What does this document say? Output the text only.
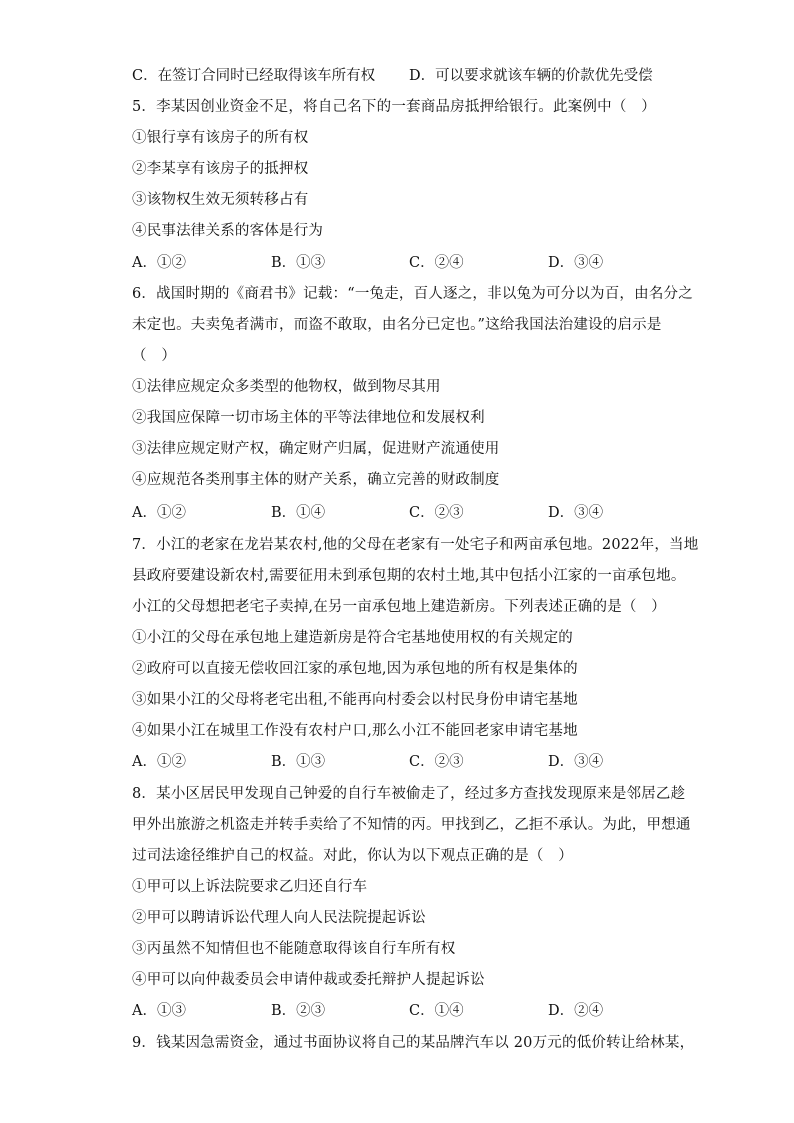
C．在签订合同时已经取得该车所有权 D．可以要求就该车辆的价款优先受偿
5．李某因创业资金不足，将自己名下的一套商品房抵押给银行。此案例中（　）
①银行享有该房子的所有权
②李某享有该房子的抵押权
③该物权生效无须转移占有
④民事法律关系的客体是行为
A．①②	B．①③	C．②④	D．③④
6．战国时期的《商君书》记载：“一兔走，百人逐之，非以兔为可分以为百，由名分之
未定也。夫卖兔者满市，而盗不敢取，由名分已定也。”这给我国法治建设的启示是
（　）
①法律应规定众多类型的他物权，做到物尽其用
②我国应保障一切市场主体的平等法律地位和发展权利
③法律应规定财产权，确定财产归属，促进财产流通使用
④应规范各类刑事主体的财产关系，确立完善的财政制度
A．①②	B．①④	C．②③	D．③④
7．小江的老家在龙岩某农村,他的父母在老家有一处宅子和两亩承包地。2022年，当地
县政府要建设新农村,需要征用未到承包期的农村土地,其中包括小江家的一亩承包地。
小江的父母想把老宅子卖掉,在另一亩承包地上建造新房。下列表述正确的是（　）
①小江的父母在承包地上建造新房是符合宅基地使用权的有关规定的
②政府可以直接无偿收回江家的承包地,因为承包地的所有权是集体的
③如果小江的父母将老宅出租,不能再向村委会以村民身份申请宅基地
④如果小江在城里工作没有农村户口,那么小江不能回老家申请宅基地
A．①②	B．①③	C．②③	D．③④
8．某小区居民甲发现自己钟爱的自行车被偷走了，经过多方查找发现原来是邻居乙趁
甲外出旅游之机盗走并转手卖给了不知情的丙。甲找到乙，乙拒不承认。为此，甲想通
过司法途径维护自己的权益。对此，你认为以下观点正确的是（　）
①甲可以上诉法院要求乙归还自行车
②甲可以聘请诉讼代理人向人民法院提起诉讼
③丙虽然不知情但也不能随意取得该自行车所有权
④甲可以向仲裁委员会申请仲裁或委托辩护人提起诉讼
A．①③	B．②③	C．①④	D．②④
9．钱某因急需资金，通过书面协议将自己的某品牌汽车以 20万元的低价转让给林某，
